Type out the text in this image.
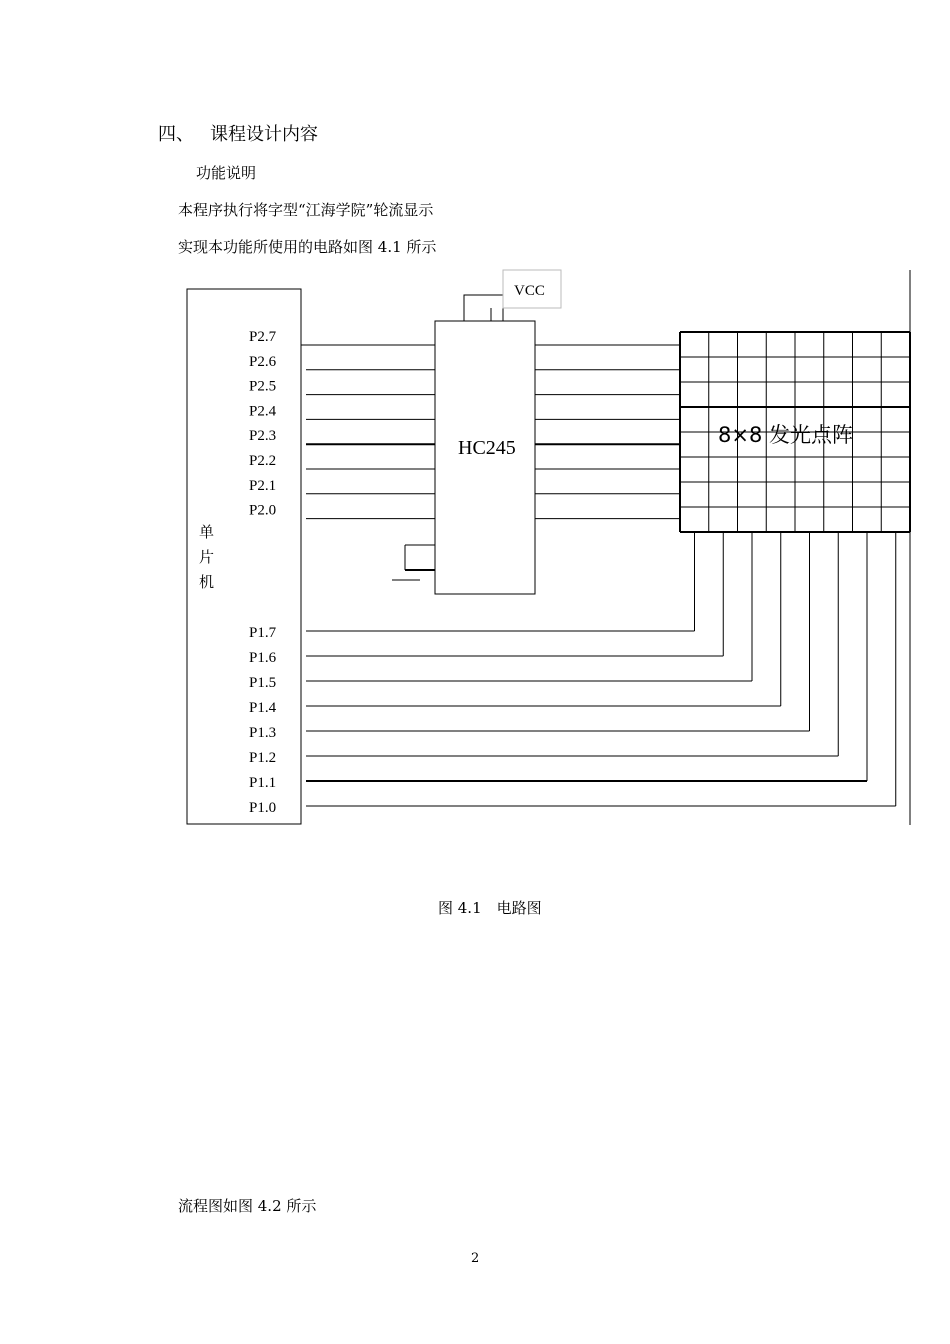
四、 课程设计内容
功能说明
本程序执行将字型“江海学院”轮流显示
实现本功能所使用的电路如图 4.1 所示
单
片
机
HC245
VCC
8×8 发光点阵
P2.7
P2.6
P2.5
P2.4
P2.3
P2.2
P2.1
P2.0
P1.7
P1.6
P1.5
P1.4
P1.3
P1.2
P1.1
P1.0
图 4.1　电路图
流程图如图 4.2 所示
2
